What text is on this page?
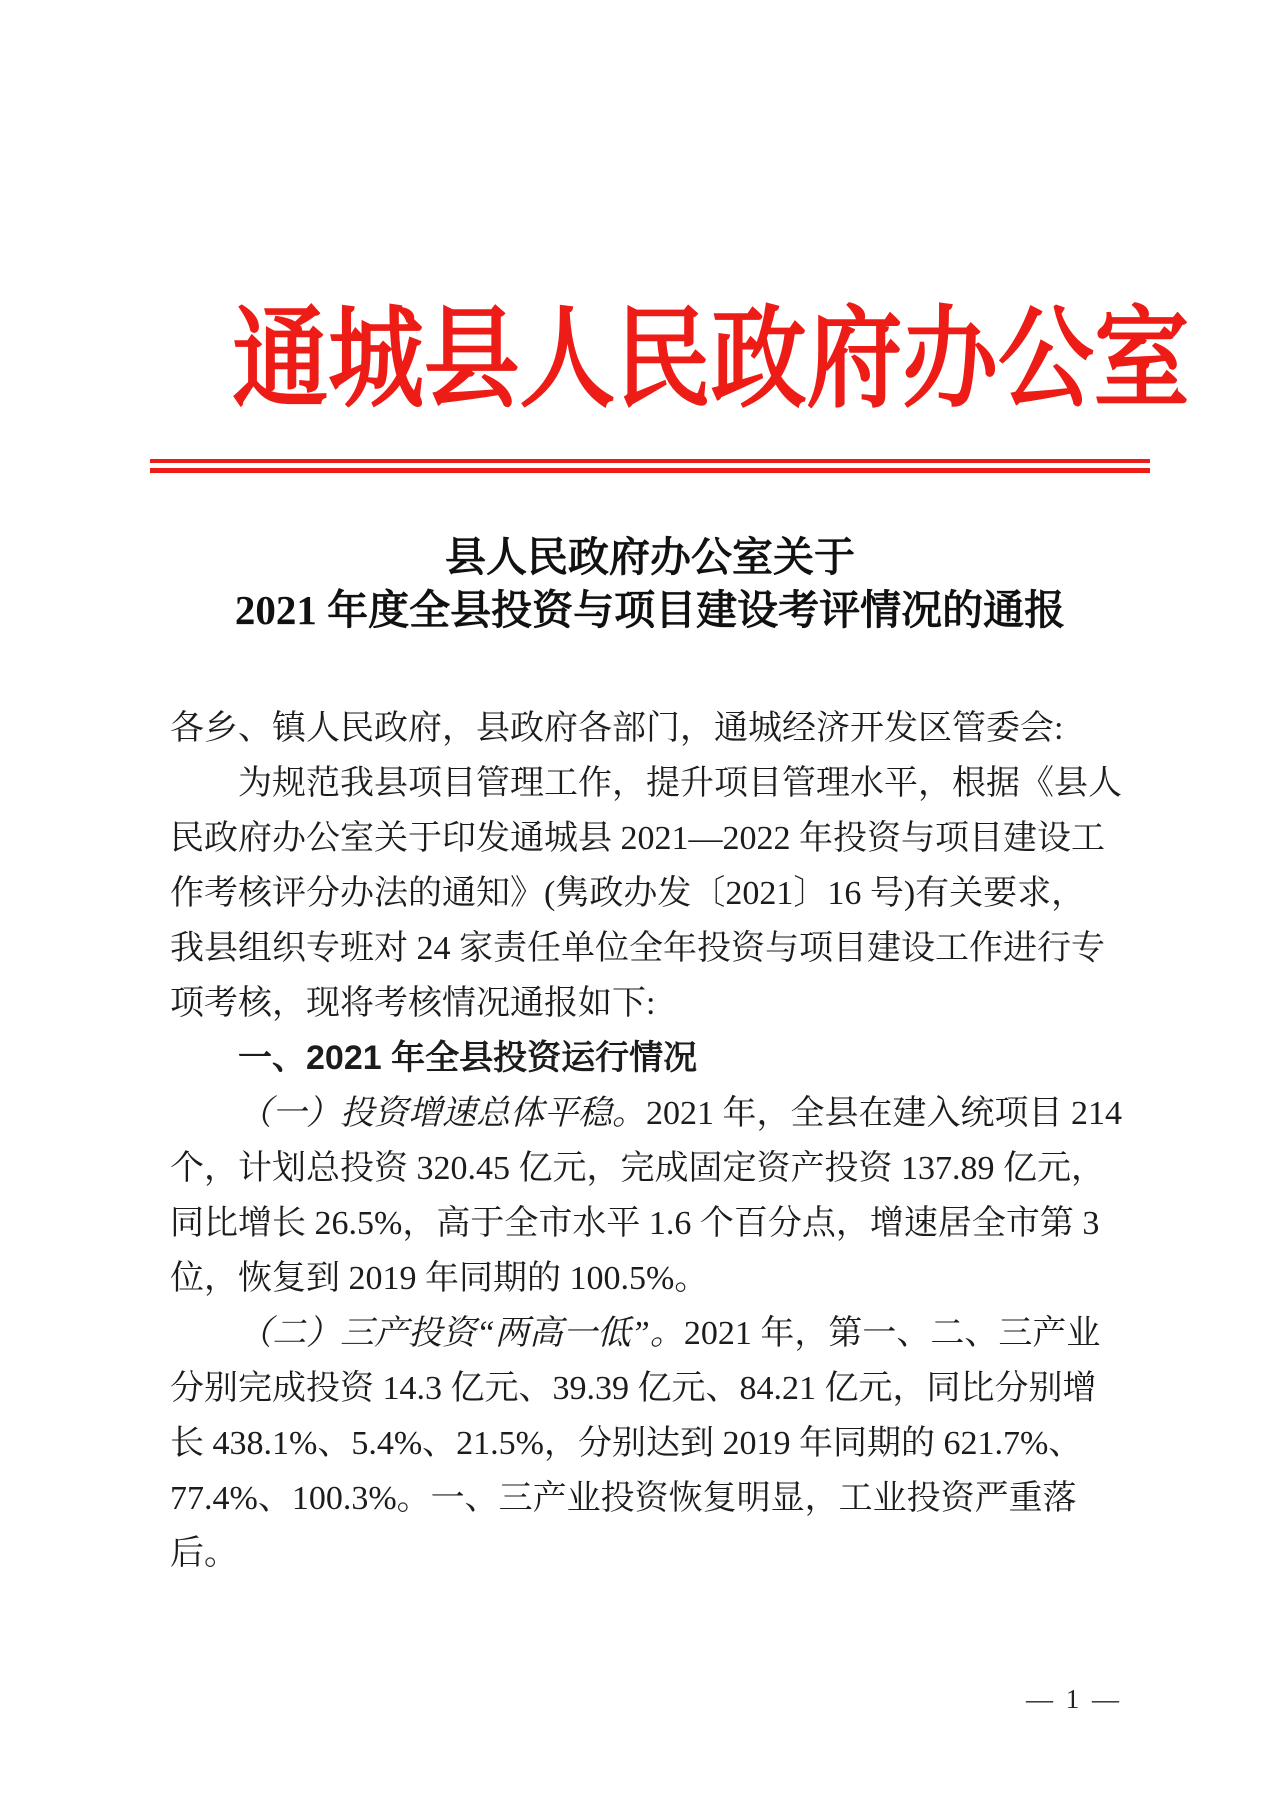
通城县人民政府办公室
县人民政府办公室关于
2021 年度全县投资与项目建设考评情况的通报
各乡、镇人民政府，县政府各部门，通城经济开发区管委会:
为规范我县项目管理工作，提升项目管理水平，根据《县人
民政府办公室关于印发通城县 2021—2022 年投资与项目建设工
作考核评分办法的通知》(隽政办发〔2021〕16 号)有关要求，
我县组织专班对 24 家责任单位全年投资与项目建设工作进行专
项考核，现将考核情况通报如下:
一、2021 年全县投资运行情况
（一）投资增速总体平稳。2021 年，全县在建入统项目 214
个，计划总投资 320.45 亿元，完成固定资产投资 137.89 亿元，
同比增长 26.5%，高于全市水平 1.6 个百分点，增速居全市第 3
位，恢复到 2019 年同期的 100.5%。
（二）三产投资“两高一低”。2021 年，第一、二、三产业
分别完成投资 14.3 亿元、39.39 亿元、84.21 亿元，同比分别增
长 438.1%、5.4%、21.5%，分别达到 2019 年同期的 621.7%、
77.4%、100.3%。一、三产业投资恢复明显，工业投资严重落
后。
— 1 —
